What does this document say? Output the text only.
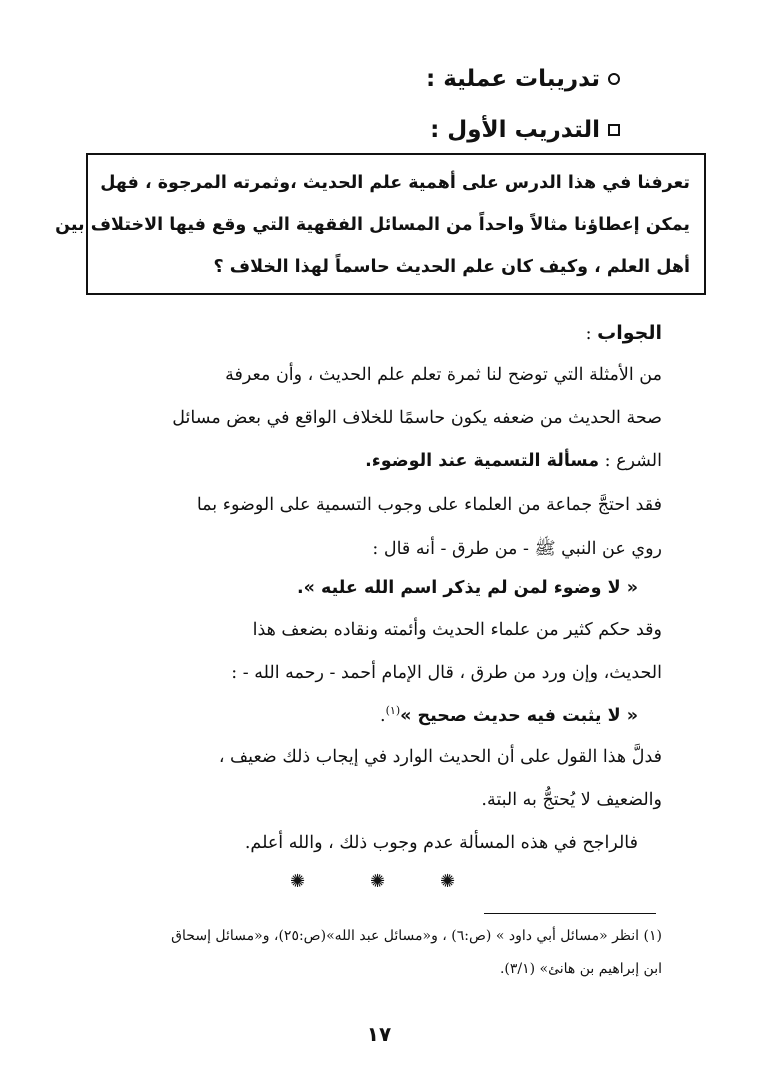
تدريبات عملية :
التدريب الأول :
تعرفنا في هذا الدرس على أهمية علم الحديث ،وثمرته المرجوة ، فهل
يمكن إعطاؤنا مثالاً واحداً من المسائل الفقهية التي وقع فيها الاختلاف بين
أهل العلم ، وكيف كان علم الحديث حاسماً لهذا الخلاف ؟
الجواب :
من الأمثلة التي توضح لنا ثمرة تعلم علم الحديث ، وأن معرفة
صحة الحديث من ضعفه يكون حاسمًا للخلاف الواقع في بعض مسائل
الشرع : مسألة التسمية عند الوضوء.
فقد احتجَّ جماعة من العلماء على وجوب التسمية على الوضوء بما
روي عن النبي ﷺ - من طرق - أنه قال :
« لا وضوء لمن لم يذكر اسم الله عليه ».
وقد حكم كثير من علماء الحديث وأئمته ونقاده بضعف هذا
الحديث، وإن ورد من طرق ، قال الإمام أحمد - رحمه الله - :
« لا يثبت فيه حديث صحيح »$^{(١)}$.
فدلَّ هذا القول على أن الحديث الوارد في إيجاب ذلك ضعيف ،
والضعيف لا يُحتجُّ به البتة.
فالراجح في هذه المسألة عدم وجوب ذلك ، والله أعلم.
✺	✺	✺
(١) انظر «مسائل أبي داود » (ص:٦) ، و«مسائل عبد الله»(ص:٢٥)، و«مسائل إسحاق
ابن إبراهيم بن هانئ» (٣/١).
١٧
